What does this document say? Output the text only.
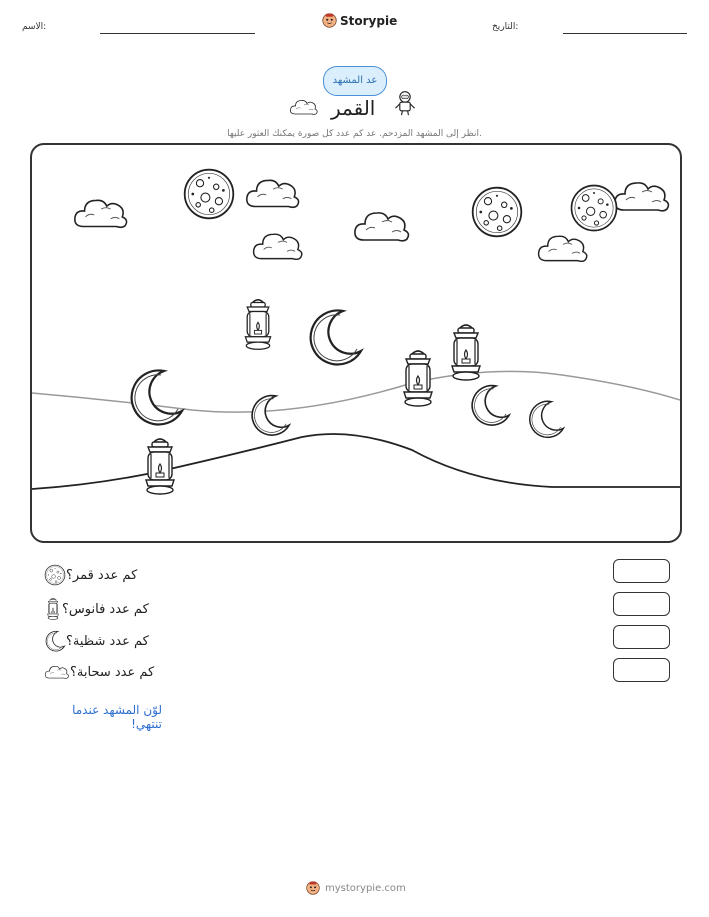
الاسم:	Storypie	التاريخ:
عد المشهد
القمر
انظر إلى المشهد المزدحم. عد كم عدد كل صورة يمكنك العثور عليها.
كم عدد قمر؟
كم عدد فانوس؟
كم عدد شظية؟
كم عدد سحابة؟
لوّن المشهد عندما تنتهي!
mystorypie.com
